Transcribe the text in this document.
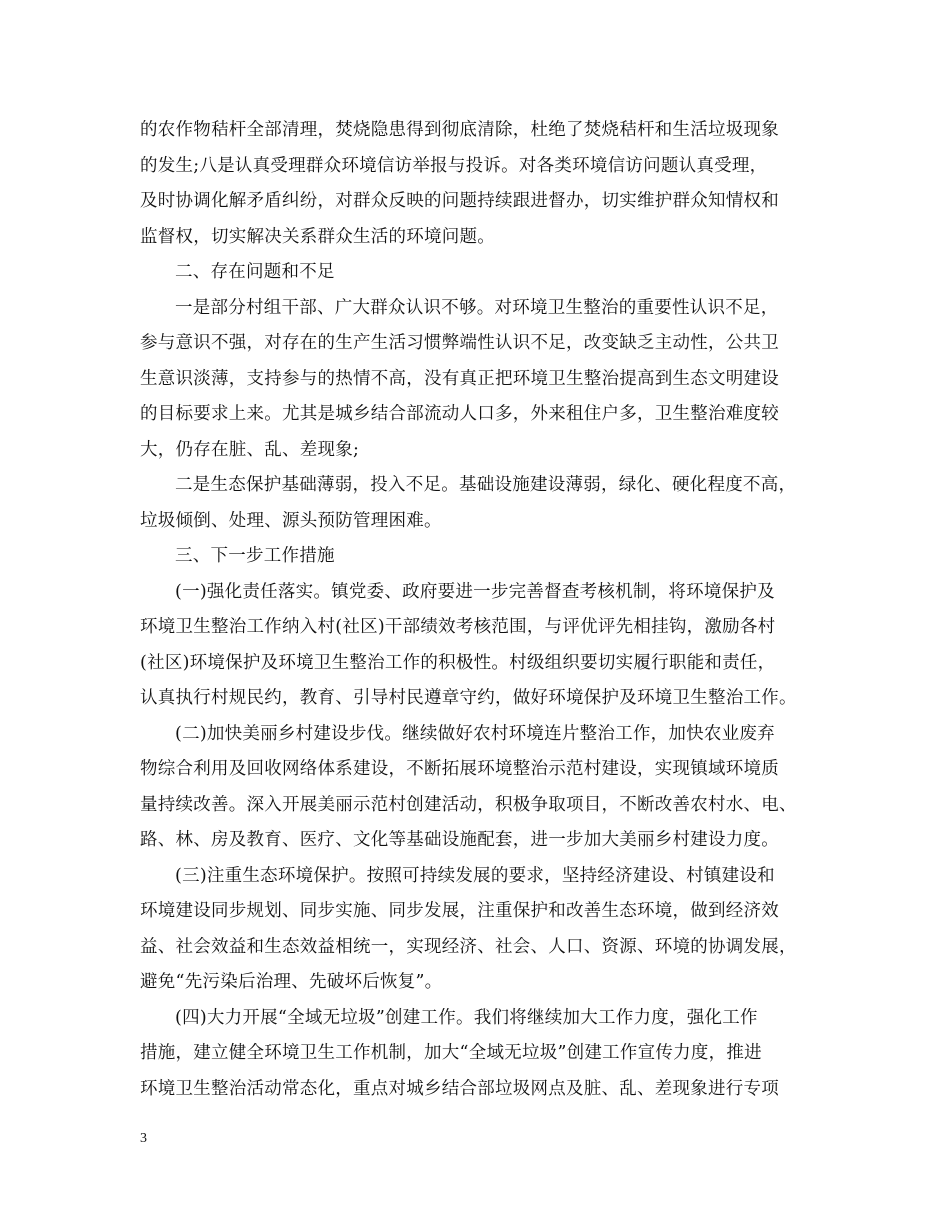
的农作物秸杆全部清理，焚烧隐患得到彻底清除，杜绝了焚烧秸杆和生活垃圾现象
的发生;八是认真受理群众环境信访举报与投诉。对各类环境信访问题认真受理，
及时协调化解矛盾纠纷，对群众反映的问题持续跟进督办，切实维护群众知情权和
监督权，切实解决关系群众生活的环境问题。
二、存在问题和不足
一是部分村组干部、广大群众认识不够。对环境卫生整治的重要性认识不足，
参与意识不强，对存在的生产生活习惯弊端性认识不足，改变缺乏主动性，公共卫
生意识淡薄，支持参与的热情不高，没有真正把环境卫生整治提高到生态文明建设
的目标要求上来。尤其是城乡结合部流动人口多，外来租住户多，卫生整治难度较
大，仍存在脏、乱、差现象;
二是生态保护基础薄弱，投入不足。基础设施建设薄弱，绿化、硬化程度不高，
垃圾倾倒、处理、源头预防管理困难。
三、下一步工作措施
(一)强化责任落实。镇党委、政府要进一步完善督查考核机制，将环境保护及
环境卫生整治工作纳入村(社区)干部绩效考核范围，与评优评先相挂钩，激励各村
(社区)环境保护及环境卫生整治工作的积极性。村级组织要切实履行职能和责任，
认真执行村规民约，教育、引导村民遵章守约，做好环境保护及环境卫生整治工作。
(二)加快美丽乡村建设步伐。继续做好农村环境连片整治工作，加快农业废弃
物综合利用及回收网络体系建设，不断拓展环境整治示范村建设，实现镇域环境质
量持续改善。深入开展美丽示范村创建活动，积极争取项目，不断改善农村水、电、
路、林、房及教育、医疗、文化等基础设施配套，进一步加大美丽乡村建设力度。
(三)注重生态环境保护。按照可持续发展的要求，坚持经济建设、村镇建设和
环境建设同步规划、同步实施、同步发展，注重保护和改善生态环境，做到经济效
益、社会效益和生态效益相统一，实现经济、社会、人口、资源、环境的协调发展，
避免“先污染后治理、先破坏后恢复”。
(四)大力开展“全域无垃圾”创建工作。我们将继续加大工作力度，强化工作
措施，建立健全环境卫生工作机制，加大“全域无垃圾”创建工作宣传力度，推进
环境卫生整治活动常态化，重点对城乡结合部垃圾网点及脏、乱、差现象进行专项
3
